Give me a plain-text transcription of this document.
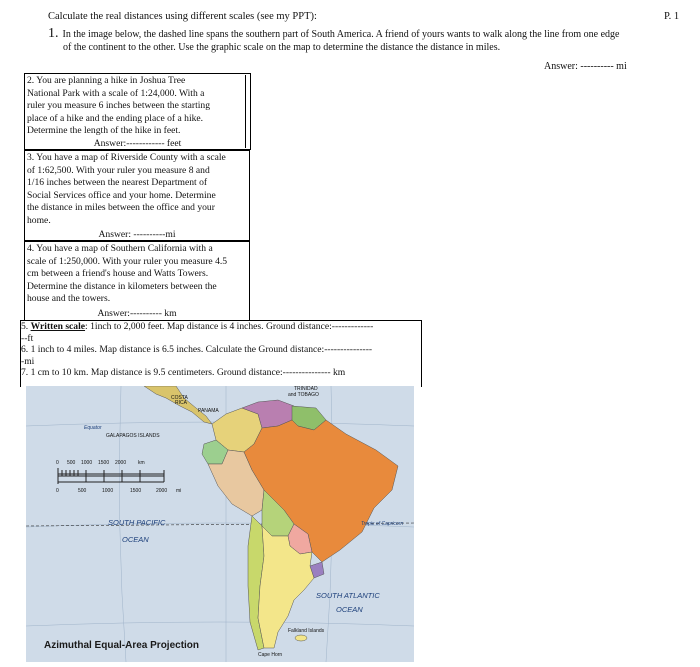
Calculate the real distances using different scales (see my PPT):	P. 1
1. In the image below, the dashed line spans the southern part of South America. A friend of yours wants to walk along the line from one edge
of the continent to the other. Use the graphic scale on the map to determine the distance the distance in miles.
Answer: ---------- mi
2. You are planning a hike in Joshua Tree
National Park with a scale of 1:24,000. With a
ruler you measure 6 inches between the starting
place of a hike and the ending place of a hike.
Determine the length of the hike in feet.
Answer:------------ feet
3. You have a map of Riverside County with a scale
of 1:62,500. With your ruler you measure 8 and
1/16 inches between the nearest Department of
Social Services office and your home. Determine
the distance in miles between the office and your
home.
Answer: ----------mi
4. You have a map of Southern California with a
scale of 1:250,000. With your ruler you measure 4.5
cm between a friend's house and Watts Towers.
Determine the distance in kilometers between the
house and the towers.
Answer:---------- km
5. Written scale: 1inch to 2,000 feet. Map distance is 4 inches. Ground distance:-------------
--ft
6. 1 inch to 4 miles. Map distance is 6.5 inches. Calculate the Ground distance:---------------
-mi
7. 1 cm to 10 km. Map distance is 9.5 centimeters. Ground distance:--------------- km
COSTA
RICA
PANAMA
TRINIDAD
and TOBAGO
Equator
GALAPAGOS ISLANDS
Tropic of Capricorn
SOUTH PACIFIC
OCEAN
SOUTH ATLANTIC
OCEAN
Falkland Islands
Cape Horn
0 500 1000 1500 2000 km
0	500	1000	1500	2000 mi
Azimuthal Equal-Area Projection
